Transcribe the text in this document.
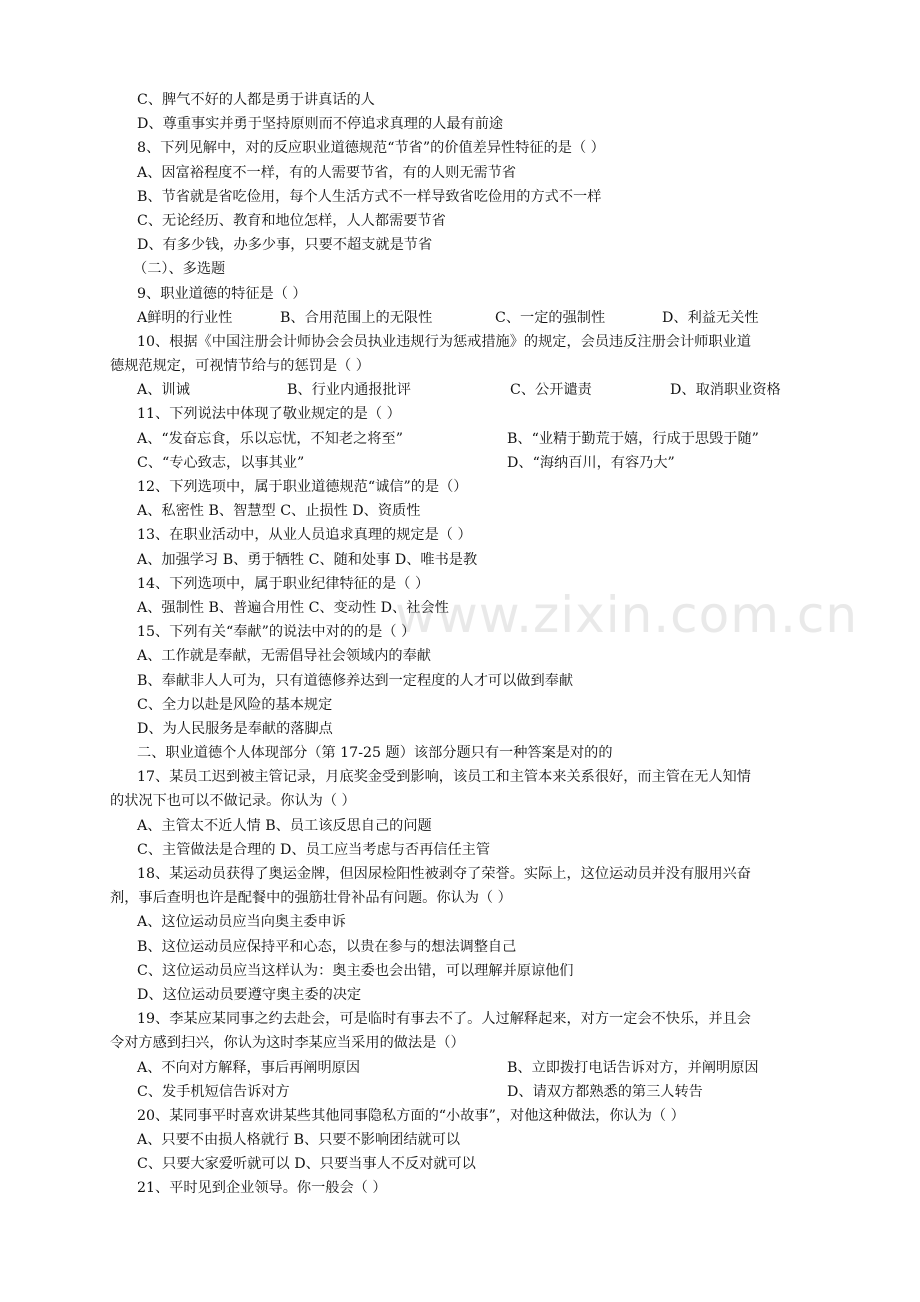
www.zixin.com.cn
C、脾气不好的人都是勇于讲真话的人
D、尊重事实并勇于坚持原则而不停追求真理的人最有前途
8、下列见解中，对的反应职业道德规范“节省”的价值差异性特征的是（ ）
A、因富裕程度不一样，有的人需要节省，有的人则无需节省
B、节省就是省吃俭用，每个人生活方式不一样导致省吃俭用的方式不一样
C、无论经历、教育和地位怎样，人人都需要节省
D、有多少钱，办多少事，只要不超支就是节省
（二）、多选题
9、职业道德的特征是（ ）
A鲜明的行业性	B、合用范围上的无限性	C、一定的强制性	D、利益无关性
10、根据《中国注册会计师协会会员执业违规行为惩戒措施》的规定，会员违反注册会计师职业道
德规范规定，可视情节给与的惩罚是（ ）
A、训诫	B、行业内通报批评	C、公开谴责	D、取消职业资格
11、下列说法中体现了敬业规定的是（ ）
A、“发奋忘食，乐以忘忧，不知老之将至”	B、“业精于勤荒于嬉，行成于思毁于随”
C、“专心致志，以事其业”	D、“海纳百川，有容乃大”
12、下列选项中，属于职业道德规范“诚信”的是（）
A、私密性 B、智慧型 C、止损性 D、资质性
13、在职业活动中，从业人员追求真理的规定是（ ）
A、加强学习 B、勇于牺牲 C、随和处事 D、唯书是教
14、下列选项中，属于职业纪律特征的是（ ）
A、强制性 B、普遍合用性 C、变动性 D、社会性
15、下列有关“奉献”的说法中对的的是（ ）
A、工作就是奉献，无需倡导社会领域内的奉献
B、奉献非人人可为，只有道德修养达到一定程度的人才可以做到奉献
C、全力以赴是风险的基本规定
D、为人民服务是奉献的落脚点
二、职业道德个人体现部分（第 17-25 题）该部分题只有一种答案是对的的
17、某员工迟到被主管记录，月底奖金受到影响，该员工和主管本来关系很好，而主管在无人知情
的状况下也可以不做记录。你认为（ ）
A、主管太不近人情 B、员工该反思自己的问题
C、主管做法是合理的 D、员工应当考虑与否再信任主管
18、某运动员获得了奥运金牌，但因尿检阳性被剥夺了荣誉。实际上，这位运动员并没有服用兴奋
剂，事后查明也许是配餐中的强筋壮骨补品有问题。你认为（ ）
A、这位运动员应当向奥主委申诉
B、这位运动员应保持平和心态，以贵在参与的想法调整自己
C、这位运动员应当这样认为：奥主委也会出错，可以理解并原谅他们
D、这位运动员要遵守奥主委的决定
19、李某应某同事之约去赴会，可是临时有事去不了。人过解释起来，对方一定会不快乐，并且会
令对方感到扫兴，你认为这时李某应当采用的做法是（）
A、不向对方解释，事后再阐明原因	B、立即拨打电话告诉对方，并阐明原因
C、发手机短信告诉对方	D、请双方都熟悉的第三人转告
20、某同事平时喜欢讲某些其他同事隐私方面的“小故事”，对他这种做法，你认为（ ）
A、只要不由损人格就行 B、只要不影响团结就可以
C、只要大家爱听就可以 D、只要当事人不反对就可以
21、平时见到企业领导。你一般会（ ）
